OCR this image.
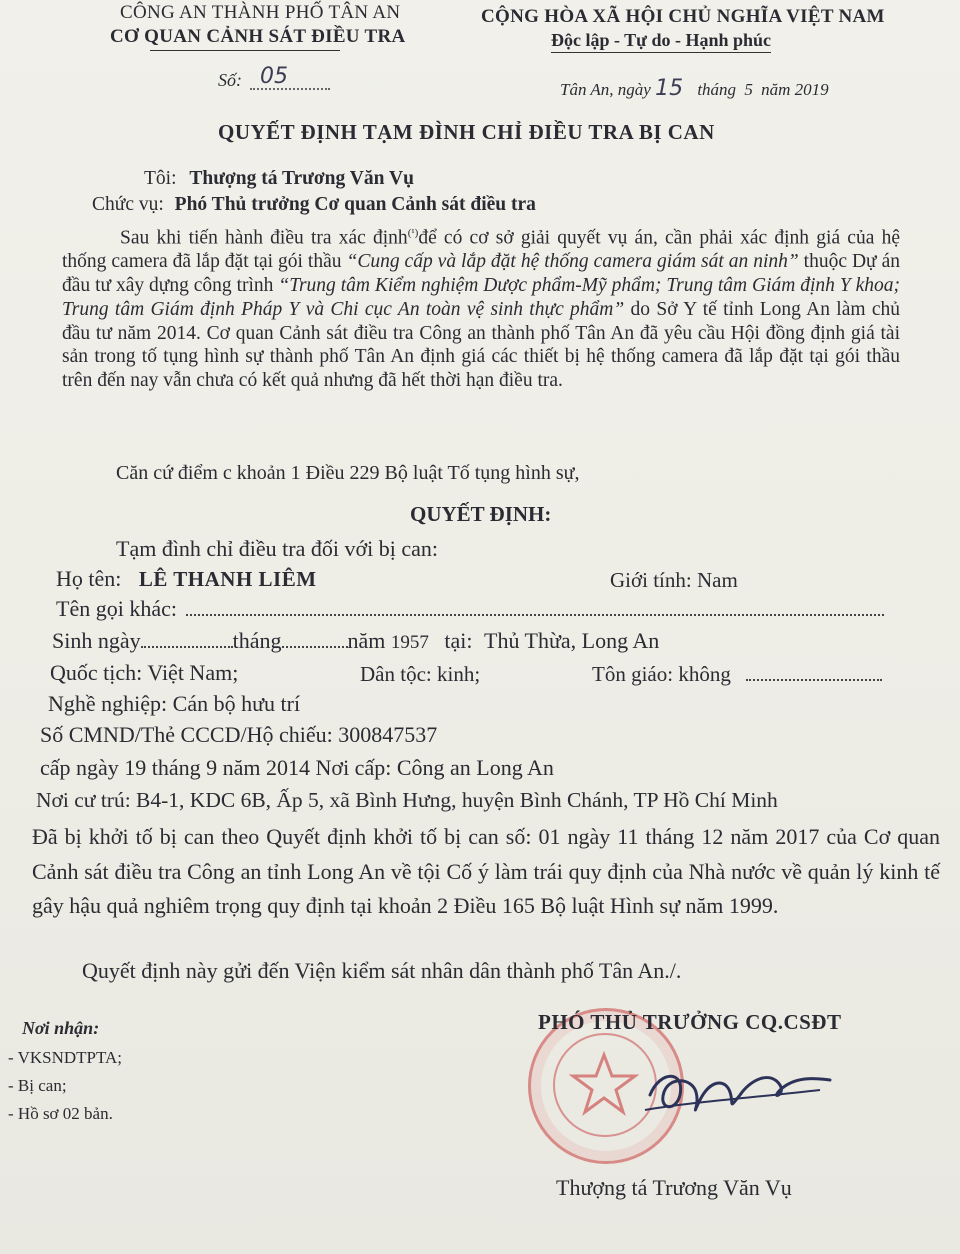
CÔNG AN THÀNH PHỐ TÂN AN
CƠ QUAN CẢNH SÁT ĐIỀU TRA
CỘNG HÒA XÃ HỘI CHỦ NGHĨA VIỆT NAM
Độc lập - Tự do - Hạnh phúc
Số: 05
Tân An, ngày 15 tháng 5 năm 2019
QUYẾT ĐỊNH TẠM ĐÌNH CHỈ ĐIỀU TRA BỊ CAN
Tôi: Thượng tá Trương Văn Vụ
Chức vụ: Phó Thủ trưởng Cơ quan Cảnh sát điều tra

Sau khi tiến hành điều tra xác định$^{(^1)}$để có cơ sở giải quyết vụ án, cần phải xác định giá của hệ thống camera đã lắp đặt tại gói thầu “Cung cấp và lắp đặt hệ thống camera giám sát an ninh” thuộc Dự án đầu tư xây dựng công trình “Trung tâm Kiểm nghiệm Dược phẩm-Mỹ phẩm; Trung tâm Giám định Y khoa; Trung tâm Giám định Pháp Y và Chi cục An toàn vệ sinh thực phẩm” do Sở Y tế tỉnh Long An làm chủ đầu tư năm 2014. Cơ quan Cảnh sát điều tra Công an thành phố Tân An đã yêu cầu Hội đồng định giá tài sản trong tố tụng hình sự thành phố Tân An định giá các thiết bị hệ thống camera đã lắp đặt tại gói thầu trên đến nay vẫn chưa có kết quả nhưng đã hết thời hạn điều tra.

Căn cứ điểm c khoản 1 Điều 229 Bộ luật Tố tụng hình sự,
QUYẾT ĐỊNH:
Tạm đình chỉ điều tra đối với bị can:
Họ tên: LÊ THANH LIÊM	Giới tính: Nam
Tên gọi khác:
Sinh ngày	tháng	năm 1957 tại: Thủ Thừa, Long An
Quốc tịch: Việt Nam;	Dân tộc: kinh;	Tôn giáo: không
Nghề nghiệp: Cán bộ hưu trí
Số CMND/Thẻ CCCD/Hộ chiếu: 300847537
cấp ngày 19 tháng 9 năm 2014 Nơi cấp: Công an Long An
Nơi cư trú: B4-1, KDC 6B, Ấp 5, xã Bình Hưng, huyện Bình Chánh, TP Hồ Chí Minh
Đã bị khởi tố bị can theo Quyết định khởi tố bị can số: 01 ngày 11 tháng 12 năm 2017 của Cơ quan Cảnh sát điều tra Công an tỉnh Long An về tội Cố ý làm trái quy định của Nhà nước về quản lý kinh tế gây hậu quả nghiêm trọng quy định tại khoản 2 Điều 165 Bộ luật Hình sự năm 1999.
Quyết định này gửi đến Viện kiểm sát nhân dân thành phố Tân An./.
Nơi nhận:
- VKSNDTPTA;
- Bị can;
- Hồ sơ 02 bản.
PHÓ THỦ TRƯỞNG CQ.CSĐT
Thượng tá Trương Văn Vụ
